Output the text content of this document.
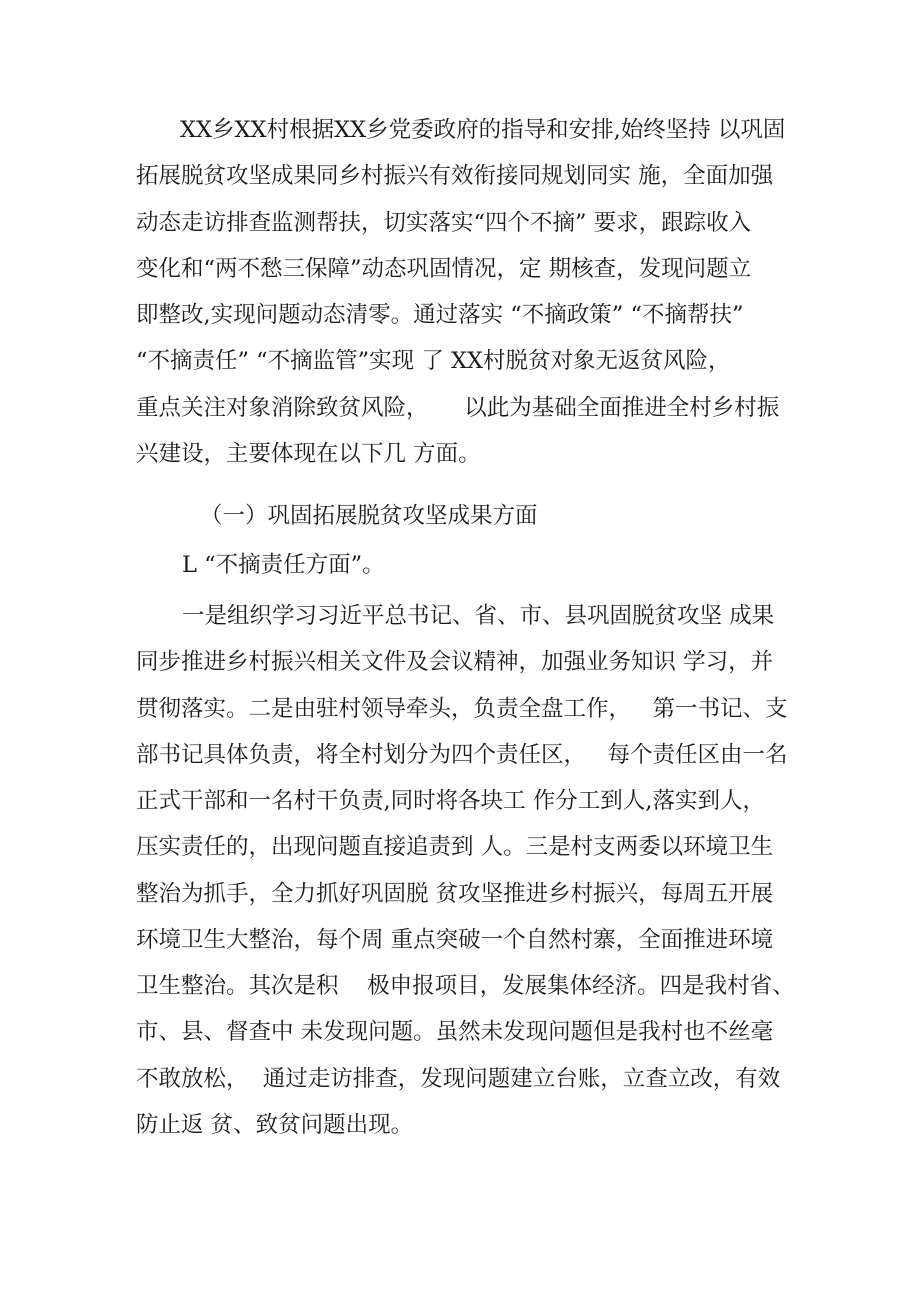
XX乡XX村根据XX乡党委政府的指导和安排,始终坚持 以巩固

拓展脱贫攻坚成果同乡村振兴有效衔接同规划同实 施，全面加强

动态走访排查监测帮扶，切实落实“四个不摘” 要求，跟踪收入

变化和“两不愁三保障”动态巩固情况，定 期核查，发现问题立

即整改,实现问题动态清零。通过落实 “不摘政策” “不摘帮扶”

“不摘责任” “不摘监管”实现 了 XX村脱贫对象无返贫风险，

重点关注对象消除致贫风险，     以此为基础全面推进全村乡村振

兴建设，主要体现在以下几 方面。

（一）巩固拓展脱贫攻坚成果方面

L “不摘责任方面”。

一是组织学习习近平总书记、省、市、县巩固脱贫攻坚 成果

同步推进乡村振兴相关文件及会议精神，加强业务知识 学习，并

贯彻落实。二是由驻村领导牵头，负责全盘工作，   第一书记、支

部书记具体负责，将全村划分为四个责任区，   每个责任区由一名

正式干部和一名村干负责,同时将各块工 作分工到人,落实到人，

压实责任的，出现问题直接追责到 人。三是村支两委以环境卫生

整治为抓手，全力抓好巩固脱 贫攻坚推进乡村振兴，每周五开展

环境卫生大整治，每个周 重点突破一个自然村寨，全面推进环境

卫生整治。其次是积    极申报项目，发展集体经济。四是我村省、

市、县、督查中 未发现问题。虽然未发现问题但是我村也不丝毫

不敢放松，  通过走访排查，发现问题建立台账，立查立改，有效

防止返 贫、致贫问题出现。
